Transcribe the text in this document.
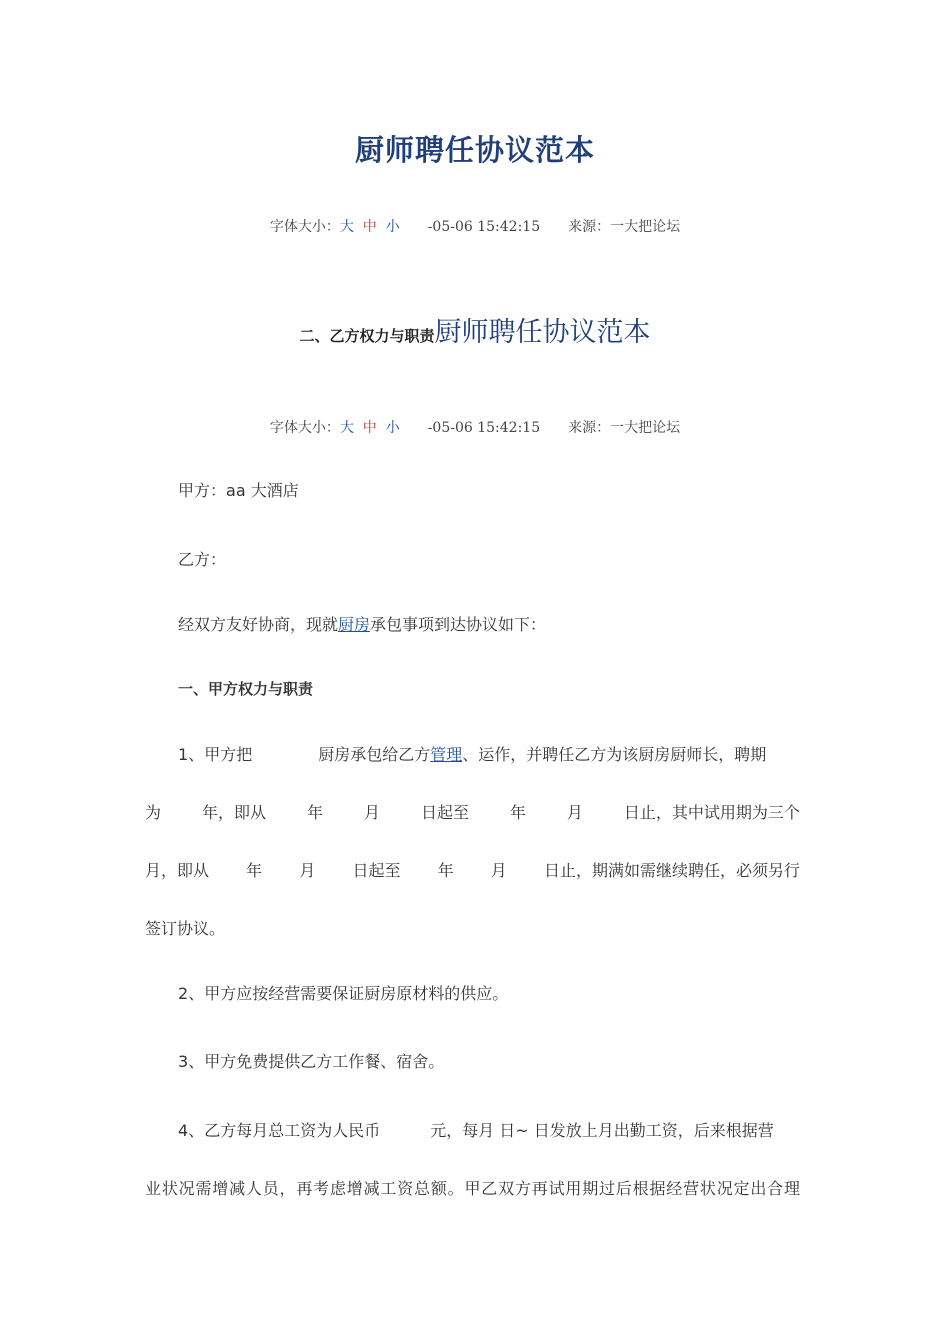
厨师聘任协议范本
字体大小：大 中 小 -05-06 15:42:15 来源：一大把论坛
二、乙方权力与职责厨师聘任协议范本
字体大小：大 中 小 -05-06 15:42:15 来源：一大把论坛
甲方：aa 大酒店
乙方：
经双方友好协商，现就厨房承包事项到达协议如下：
一、甲方权力与职责
1、甲方把	厨房承包给乙方管理、运作，并聘任乙方为该厨房厨师长，聘期
为	年，即从	年	月	日起至	年	月	日止，其中试用期为三个
月，即从 年 月 日起至 年 月 日止，期满如需继续聘任，必须另行
签订协议。
2、甲方应按经营需要保证厨房原材料的供应。
3、甲方免费提供乙方工作餐、宿舍。
4、乙方每月总工资为人民币	元，每月 日~ 日发放上月出勤工资，后来根据营
业状况需增减人员，再考虑增减工资总额。甲乙双方再试用期过后根据经营状况定出合理
